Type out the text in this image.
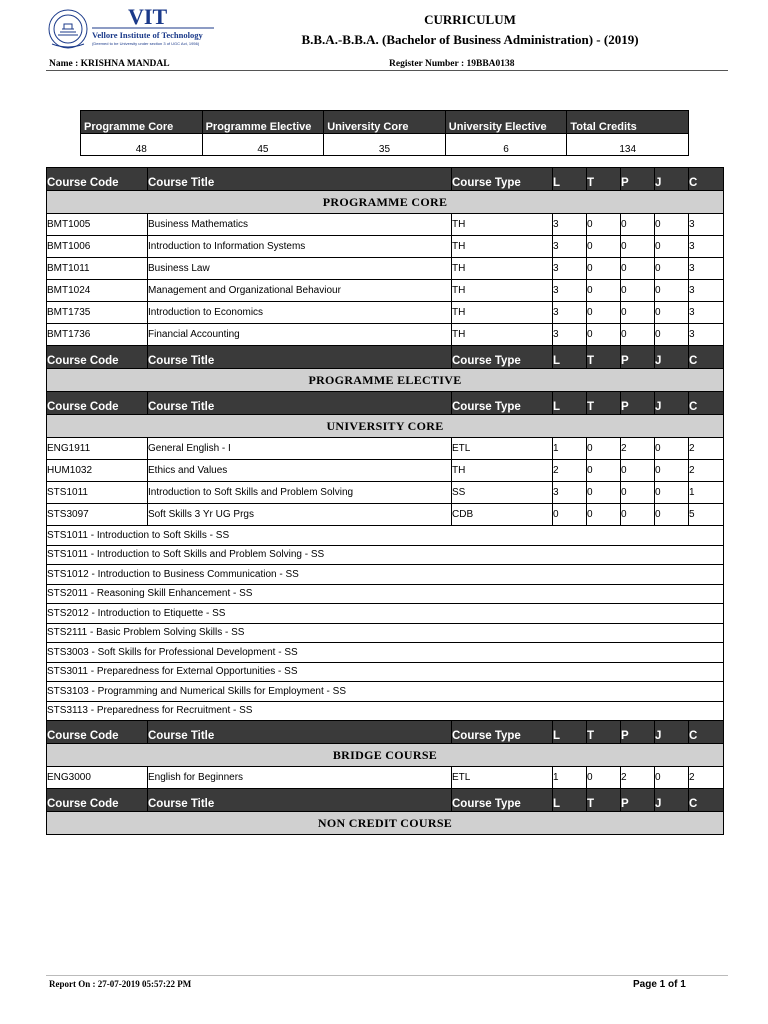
VIT
Vellore Institute of Technology
(Deemed to be University under section 3 of UGC Act, 1956)
CURRICULUM
B.B.A.-B.B.A. (Bachelor of Business Administration) - (2019)
Name : KRISHNA MANDAL	Register Number : 19BBA0138
Programme Core	Programme Elective	University Core	University Elective	Total Credits
48	45	35	6	134
Course Code	Course Title	Course Type	L	T	P	J	C
PROGRAMME CORE							
BMT1005	Business Mathematics	TH	3	0	0	0	3
BMT1006	Introduction to Information Systems	TH	3	0	0	0	3
BMT1011	Business Law	TH	3	0	0	0	3
BMT1024	Management and Organizational Behaviour	TH	3	0	0	0	3
BMT1735	Introduction to Economics	TH	3	0	0	0	3
BMT1736	Financial Accounting	TH	3	0	0	0	3
Course Code	Course Title	Course Type	L	T	P	J	C
PROGRAMME ELECTIVE							
Course Code	Course Title	Course Type	L	T	P	J	C
UNIVERSITY CORE							
ENG1911	General English - I	ETL	1	0	2	0	2
HUM1032	Ethics and Values	TH	2	0	0	0	2
STS1011	Introduction to Soft Skills and Problem Solving	SS	3	0	0	0	1
STS3097	Soft Skills 3 Yr UG Prgs	CDB	0	0	0	0	5
STS1011 - Introduction to Soft Skills - SS							
STS1011 - Introduction to Soft Skills and Problem Solving - SS							
STS1012 - Introduction to Business Communication - SS							
STS2011 - Reasoning Skill Enhancement - SS							
STS2012 - Introduction to Etiquette - SS							
STS2111 - Basic Problem Solving Skills - SS							
STS3003 - Soft Skills for Professional Development - SS							
STS3011 - Preparedness for External Opportunities - SS							
STS3103 - Programming and Numerical Skills for Employment - SS							
STS3113 - Preparedness for Recruitment - SS							
Course Code	Course Title	Course Type	L	T	P	J	C
BRIDGE COURSE							
ENG3000	English for Beginners	ETL	1	0	2	0	2
Course Code	Course Title	Course Type	L	T	P	J	C
NON CREDIT COURSE							
Report On : 27-07-2019 05:57:22 PM	Page 1 of 1
